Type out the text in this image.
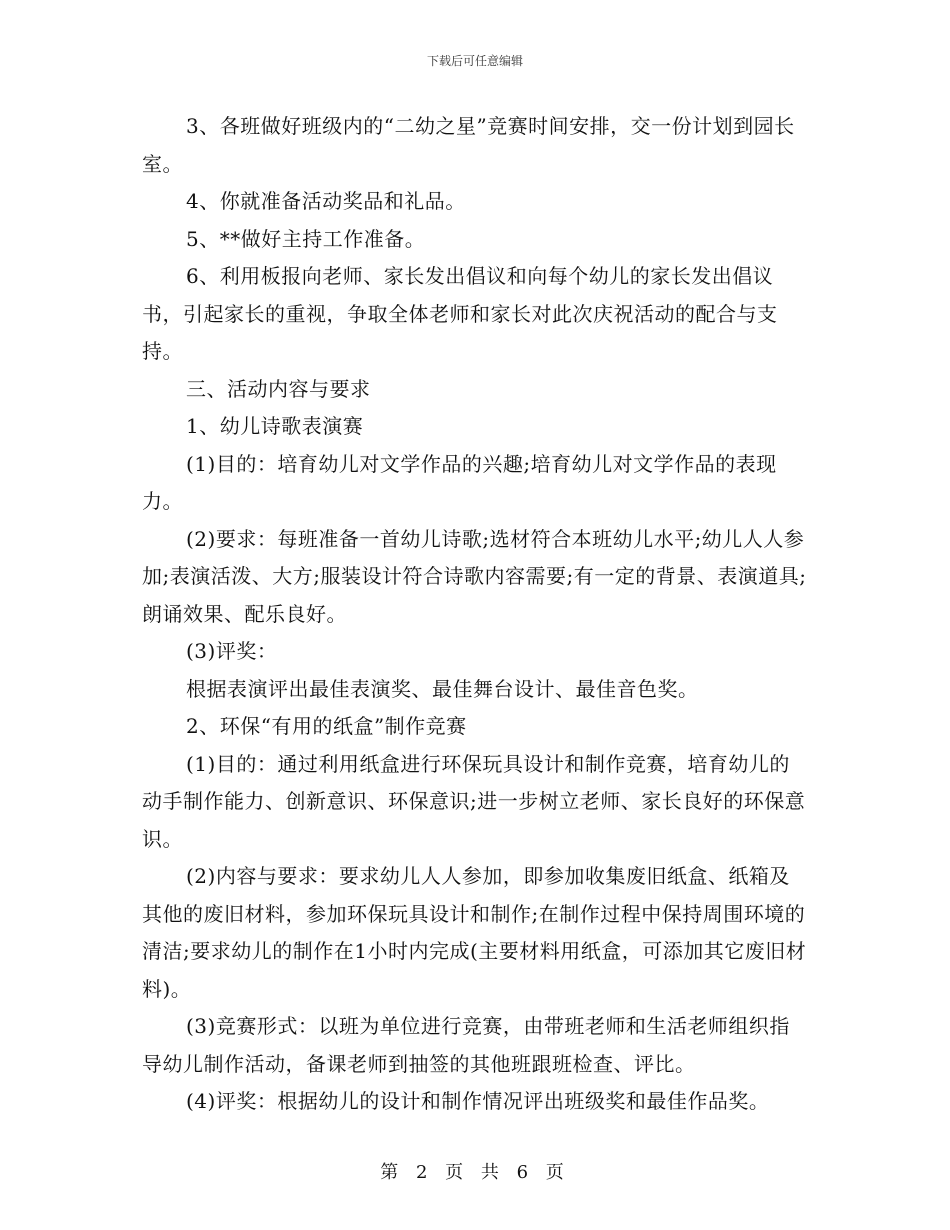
下载后可任意编辑

3、各班做好班级内的“二幼之星”竞赛时间安排，交一份计划到园长室。

4、你就准备活动奖品和礼品。

5、**做好主持工作准备。

6、利用板报向老师、家长发出倡议和向每个幼儿的家长发出倡议书，引起家长的重视，争取全体老师和家长对此次庆祝活动的配合与支持。

三、活动内容与要求

1、幼儿诗歌表演赛

(1)目的：培育幼儿对文学作品的兴趣;培育幼儿对文学作品的表现力。

(2)要求：每班准备一首幼儿诗歌;选材符合本班幼儿水平;幼儿人人参加;表演活泼、大方;服装设计符合诗歌内容需要;有一定的背景、表演道具;朗诵效果、配乐良好。

(3)评奖：

根据表演评出最佳表演奖、最佳舞台设计、最佳音色奖。

2、环保“有用的纸盒”制作竞赛

(1)目的：通过利用纸盒进行环保玩具设计和制作竞赛，培育幼儿的动手制作能力、创新意识、环保意识;进一步树立老师、家长良好的环保意识。

(2)内容与要求：要求幼儿人人参加，即参加收集废旧纸盒、纸箱及其他的废旧材料，参加环保玩具设计和制作;在制作过程中保持周围环境的清洁;要求幼儿的制作在1小时内完成(主要材料用纸盒，可添加其它废旧材料)。

(3)竞赛形式：以班为单位进行竞赛，由带班老师和生活老师组织指导幼儿制作活动，备课老师到抽签的其他班跟班检查、评比。

(4)评奖：根据幼儿的设计和制作情况评出班级奖和最佳作品奖。

第 2 页 共 6 页
